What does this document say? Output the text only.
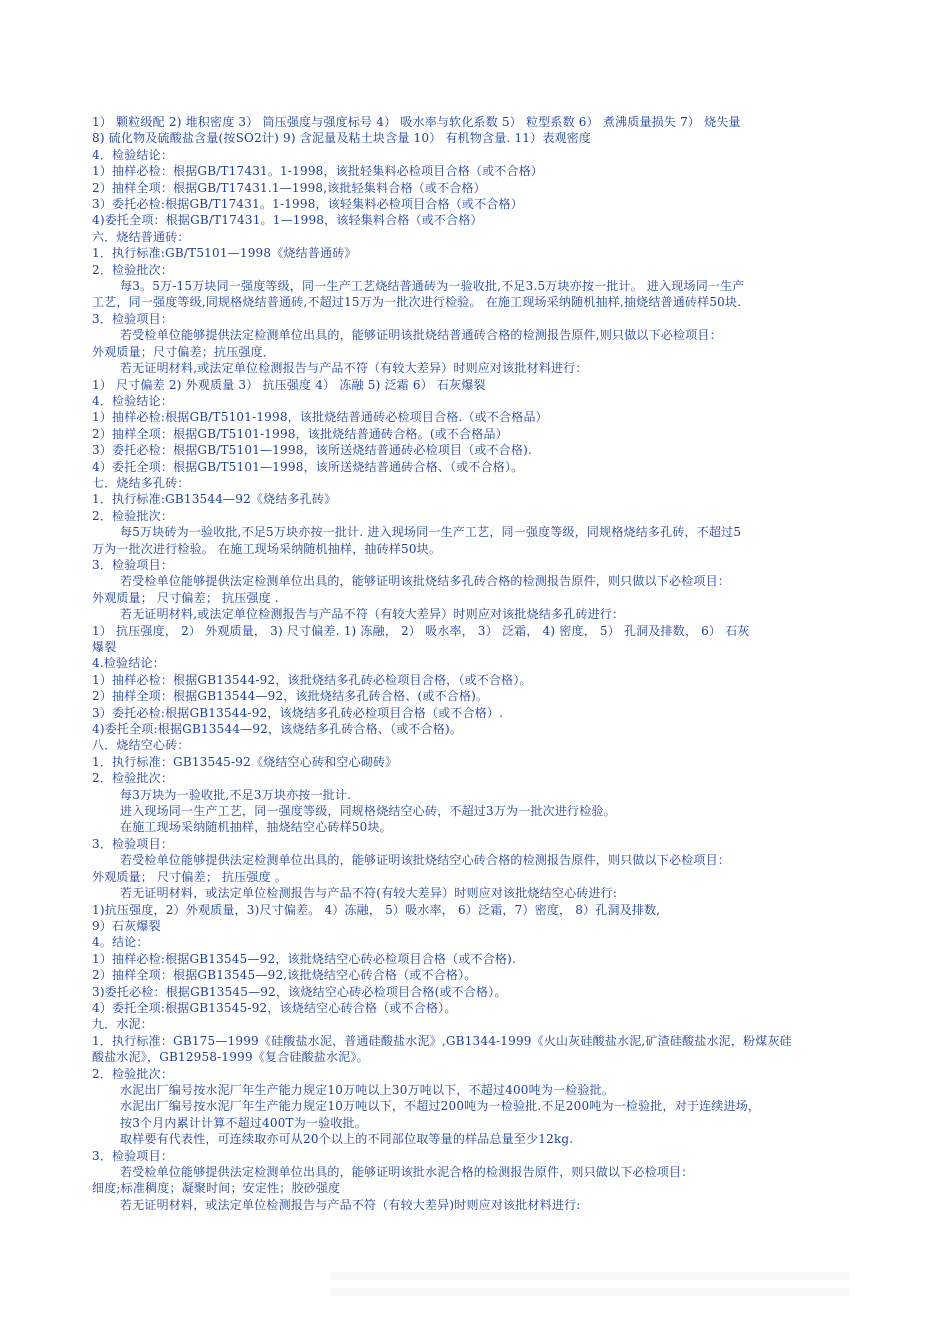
1） 颗粒级配 2) 堆积密度 3） 筒压强度与强度标号 4） 吸水率与软化系数 5） 粒型系数 6） 煮沸质量损失 7） 烧失量
8) 硫化物及硫酸盐含量(按SO2计) 9) 含泥量及粘土块含量 10） 有机物含量. 11）表观密度
4．检验结论：
1）抽样必检：根据GB/T17431。1-1998，该批轻集料必检项目合格（或不合格）
2）抽样全项：根据GB/T17431.1—1998,该批轻集料合格（或不合格）
3）委托必检:根据GB/T17431。1-1998，该轻集料必检项目合格（或不合格）
4)委托全项：根据GB/T17431。1—1998，该轻集料合格（或不合格）
六．烧结普通砖：
1．执行标准:GB/T5101—1998《烧结普通砖》
2．检验批次：
每3。5万-15万块同一强度等级，同一生产工艺烧结普通砖为一验收批,不足3.5万块亦按一批计。 进入现场同一生产
工艺，同一强度等级,同规格烧结普通砖,不超过15万为一批次进行检验。 在施工现场采纳随机抽样,抽烧结普通砖样50块.
3．检验项目：
若受检单位能够提供法定检测单位出具的，能够证明该批烧结普通砖合格的检测报告原件,则只做以下必检项目：
外观质量；尺寸偏差；抗压强度．
若无证明材料,或法定单位检测报告与产品不符（有较大差异）时则应对该批材料进行：
1） 尺寸偏差 2) 外观质量 3） 抗压强度 4） 冻融 5) 泛霜 6） 石灰爆裂
4．检验结论：
1）抽样必检:根据GB/T5101-1998，该批烧结普通砖必检项目合格.（或不合格品）
2）抽样全项：根据GB/T5101-1998，该批烧结普通砖合格。(或不合格品）
3）委托必检：根据GB/T5101—1998，该所送烧结普通砖必检项目（或不合格).
4）委托全项：根据GB/T5101—1998，该所送烧结普通砖合格、（或不合格）。
七．烧结多孔砖：
1．执行标准:GB13544—92《烧结多孔砖》
2．检验批次：
每5万块砖为一验收批,不足5万块亦按一批计. 进入现场同一生产工艺，同一强度等级，同规格烧结多孔砖，不超过5
万为一批次进行检验。 在施工现场采纳随机抽样，抽砖样50块。
3．检验项目：
若受检单位能够提供法定检测单位出具的，能够证明该批烧结多孔砖合格的检测报告原件，则只做以下必检项目：
外观质量； 尺寸偏差； 抗压强度 .
若无证明材料,或法定单位检测报告与产品不符（有较大差异）时则应对该批烧结多孔砖进行：
1） 抗压强度， 2） 外观质量， 3) 尺寸偏差. 1) 冻融， 2） 吸水率， 3） 泛霜， 4) 密度， 5） 孔洞及排数， 6） 石灰
爆裂
4.检验结论：
1）抽样必检：根据GB13544-92，该批烧结多孔砖必检项目合格，（或不合格）。
2）抽样全项：根据GB13544—92，该批烧结多孔砖合格、(或不合格)。
3）委托必检:根据GB13544-92，该烧结多孔砖必检项目合格（或不合格）.
4)委托全项:根据GB13544—92，该烧结多孔砖合格、（或不合格)。
八．烧结空心砖：
1．执行标准：GB13545-92《烧结空心砖和空心砌砖》
2．检验批次：
每3万块为一验收批,不足3万块亦按一批计.
进入现场同一生产工艺，同一强度等级，同规格烧结空心砖，不超过3万为一批次进行检验。
在施工现场采纳随机抽样，抽烧结空心砖样50块。
3．检验项目：
若受检单位能够提供法定检测单位出具的，能够证明该批烧结空心砖合格的检测报告原件，则只做以下必检项目：
外观质量； 尺寸偏差； 抗压强度 。
若无证明材料，或法定单位检测报告与产品不符(有较大差异）时则应对该批烧结空心砖进行:
1)抗压强度，2）外观质量，3)尺寸偏差。 4）冻融， 5）吸水率， 6）泛霜，7）密度， 8）孔洞及排数,
9）石灰爆裂
4。结论：
1）抽样必检:根据GB13545—92，该批烧结空心砖必检项目合格（或不合格).
2）抽样全项：根据GB13545—92,该批烧结空心砖合格（或不合格）。
3)委托必检：根据GB13545—92，该烧结空心砖必检项目合格(或不合格）。
4）委托全项:根据GB13545-92，该烧结空心砖合格（或不合格）。
九．水泥：
1．执行标准：GB175—1999《硅酸盐水泥，普通硅酸盐水泥》,GB1344-1999《火山灰硅酸盐水泥,矿渣硅酸盐水泥，粉煤灰硅
酸盐水泥》，GB12958-1999《复合硅酸盐水泥》。
2．检验批次：
水泥出厂编号按水泥厂年生产能力规定10万吨以上30万吨以下，不超过400吨为一检验批。
水泥出厂编号按水泥厂年生产能力规定10万吨以下，不超过200吨为一检验批.不足200吨为一检验批，对于连续进场，
按3个月内累计计算不超过400T为一验收批。
取样要有代表性，可连续取亦可从20个以上的不同部位取等量的样品总量至少12kg.
3．检验项目：
若受检单位能够提供法定检测单位出具的，能够证明该批水泥合格的检测报告原件，则只做以下必检项目：
细度;标准稠度；凝聚时间；安定性；胶砂强度
若无证明材料，或法定单位检测报告与产品不符（有较大差异)时则应对该批材料进行:
